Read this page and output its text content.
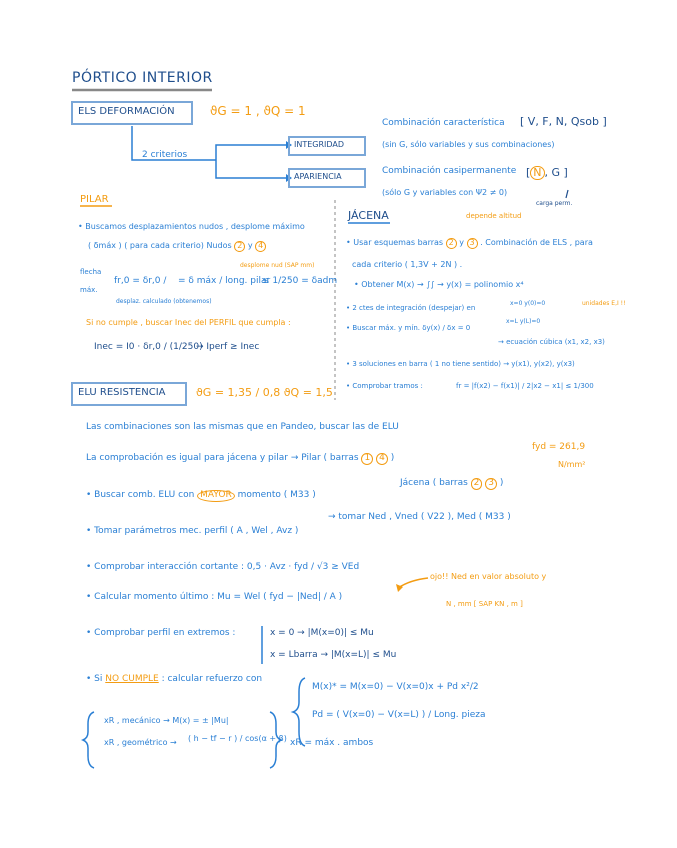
PÓRTICO INTERIOR
ELS DEFORMACIÓN	ϑG = 1 , ϑQ = 1
2 criterios
INTEGRIDAD
APARIENCIA
Combinación característica [ V, F, N, Qsob ]
(sin G, sólo variables y sus combinaciones)
Combinación casipermanente [ N , G ]
(sólo G y variables con Ψ2 ≠ 0)
carga perm.
depende altitud
PILAR
• Buscamos desplazamientos nudos , desplome máximo
( δmáx ) ( para cada criterio) Nudos 2 y 4
flecha
máx.
desplome nud (SAP mm)
fr,0 = δr,0 / = δ máx / long. pilar
≤ 1/250 = δadm
desplaz. calculado (obtenemos)
Si no cumple , buscar Inec del PERFIL que cumpla :
Inec = I0 · δr,0 / (1/250)
→ Iperf ≥ Inec
JÁCENA
• Usar esquemas barras 2 y 3 . Combinación de ELS , para
cada criterio ( 1,3V + 2N ) .
• Obtener M(x) → ∫∫ → y(x) = polinomio x⁴
• 2 ctes de integración (despejar) en
x=0 y(0)=0
x=L y(L)=0
unidades E,I !!
• Buscar máx. y mín. δy(x) / δx = 0
→ ecuación cúbica (x1, x2, x3)
• 3 soluciones en barra ( 1 no tiene sentido) → y(x1), y(x2), y(x3)
• Comprobar tramos :	fr = |f(x2) − f(x1)| / 2|x2 − x1| ≤ 1/300
ELU RESISTENCIA	ϑG = 1,35 / 0,8 ϑQ = 1,5
Las combinaciones son las mismas que en Pandeo, buscar las de ELU
fyd = 261,9
N/mm²
La comprobación es igual para jácena y pilar → Pilar ( barras 1 4 )
Jácena ( barras 2 3 )
• Buscar comb. ELU con MAYOR momento ( M33 )
→ tomar Ned , Vned ( V22 ), Med ( M33 )
• Tomar parámetros mec. perfil ( A , Wel , Avz )
• Comprobar interacción cortante : 0,5 · Avz · fyd / √3 ≥ VEd
ojo!! Ned en valor absoluto y
N , mm [ SAP KN , m ]
• Calcular momento último : Mu = Wel ( fyd − |Ned| / A )
• Comprobar perfil en extremos :	x = 0 → |M(x=0)| ≤ Mu
x = Lbarra → |M(x=L)| ≤ Mu
• Si NO CUMPLE : calcular refuerzo con
M(x)* = M(x=0) − V(x=0)x + Pd x²/2
Pd = ( V(x=0) − V(x=L) ) / Long. pieza
xR , mecánico → M(x) = ± |Mu|
xR , geométrico → ( h − tf − r ) / cos(α + β) xR = máx . ambos
